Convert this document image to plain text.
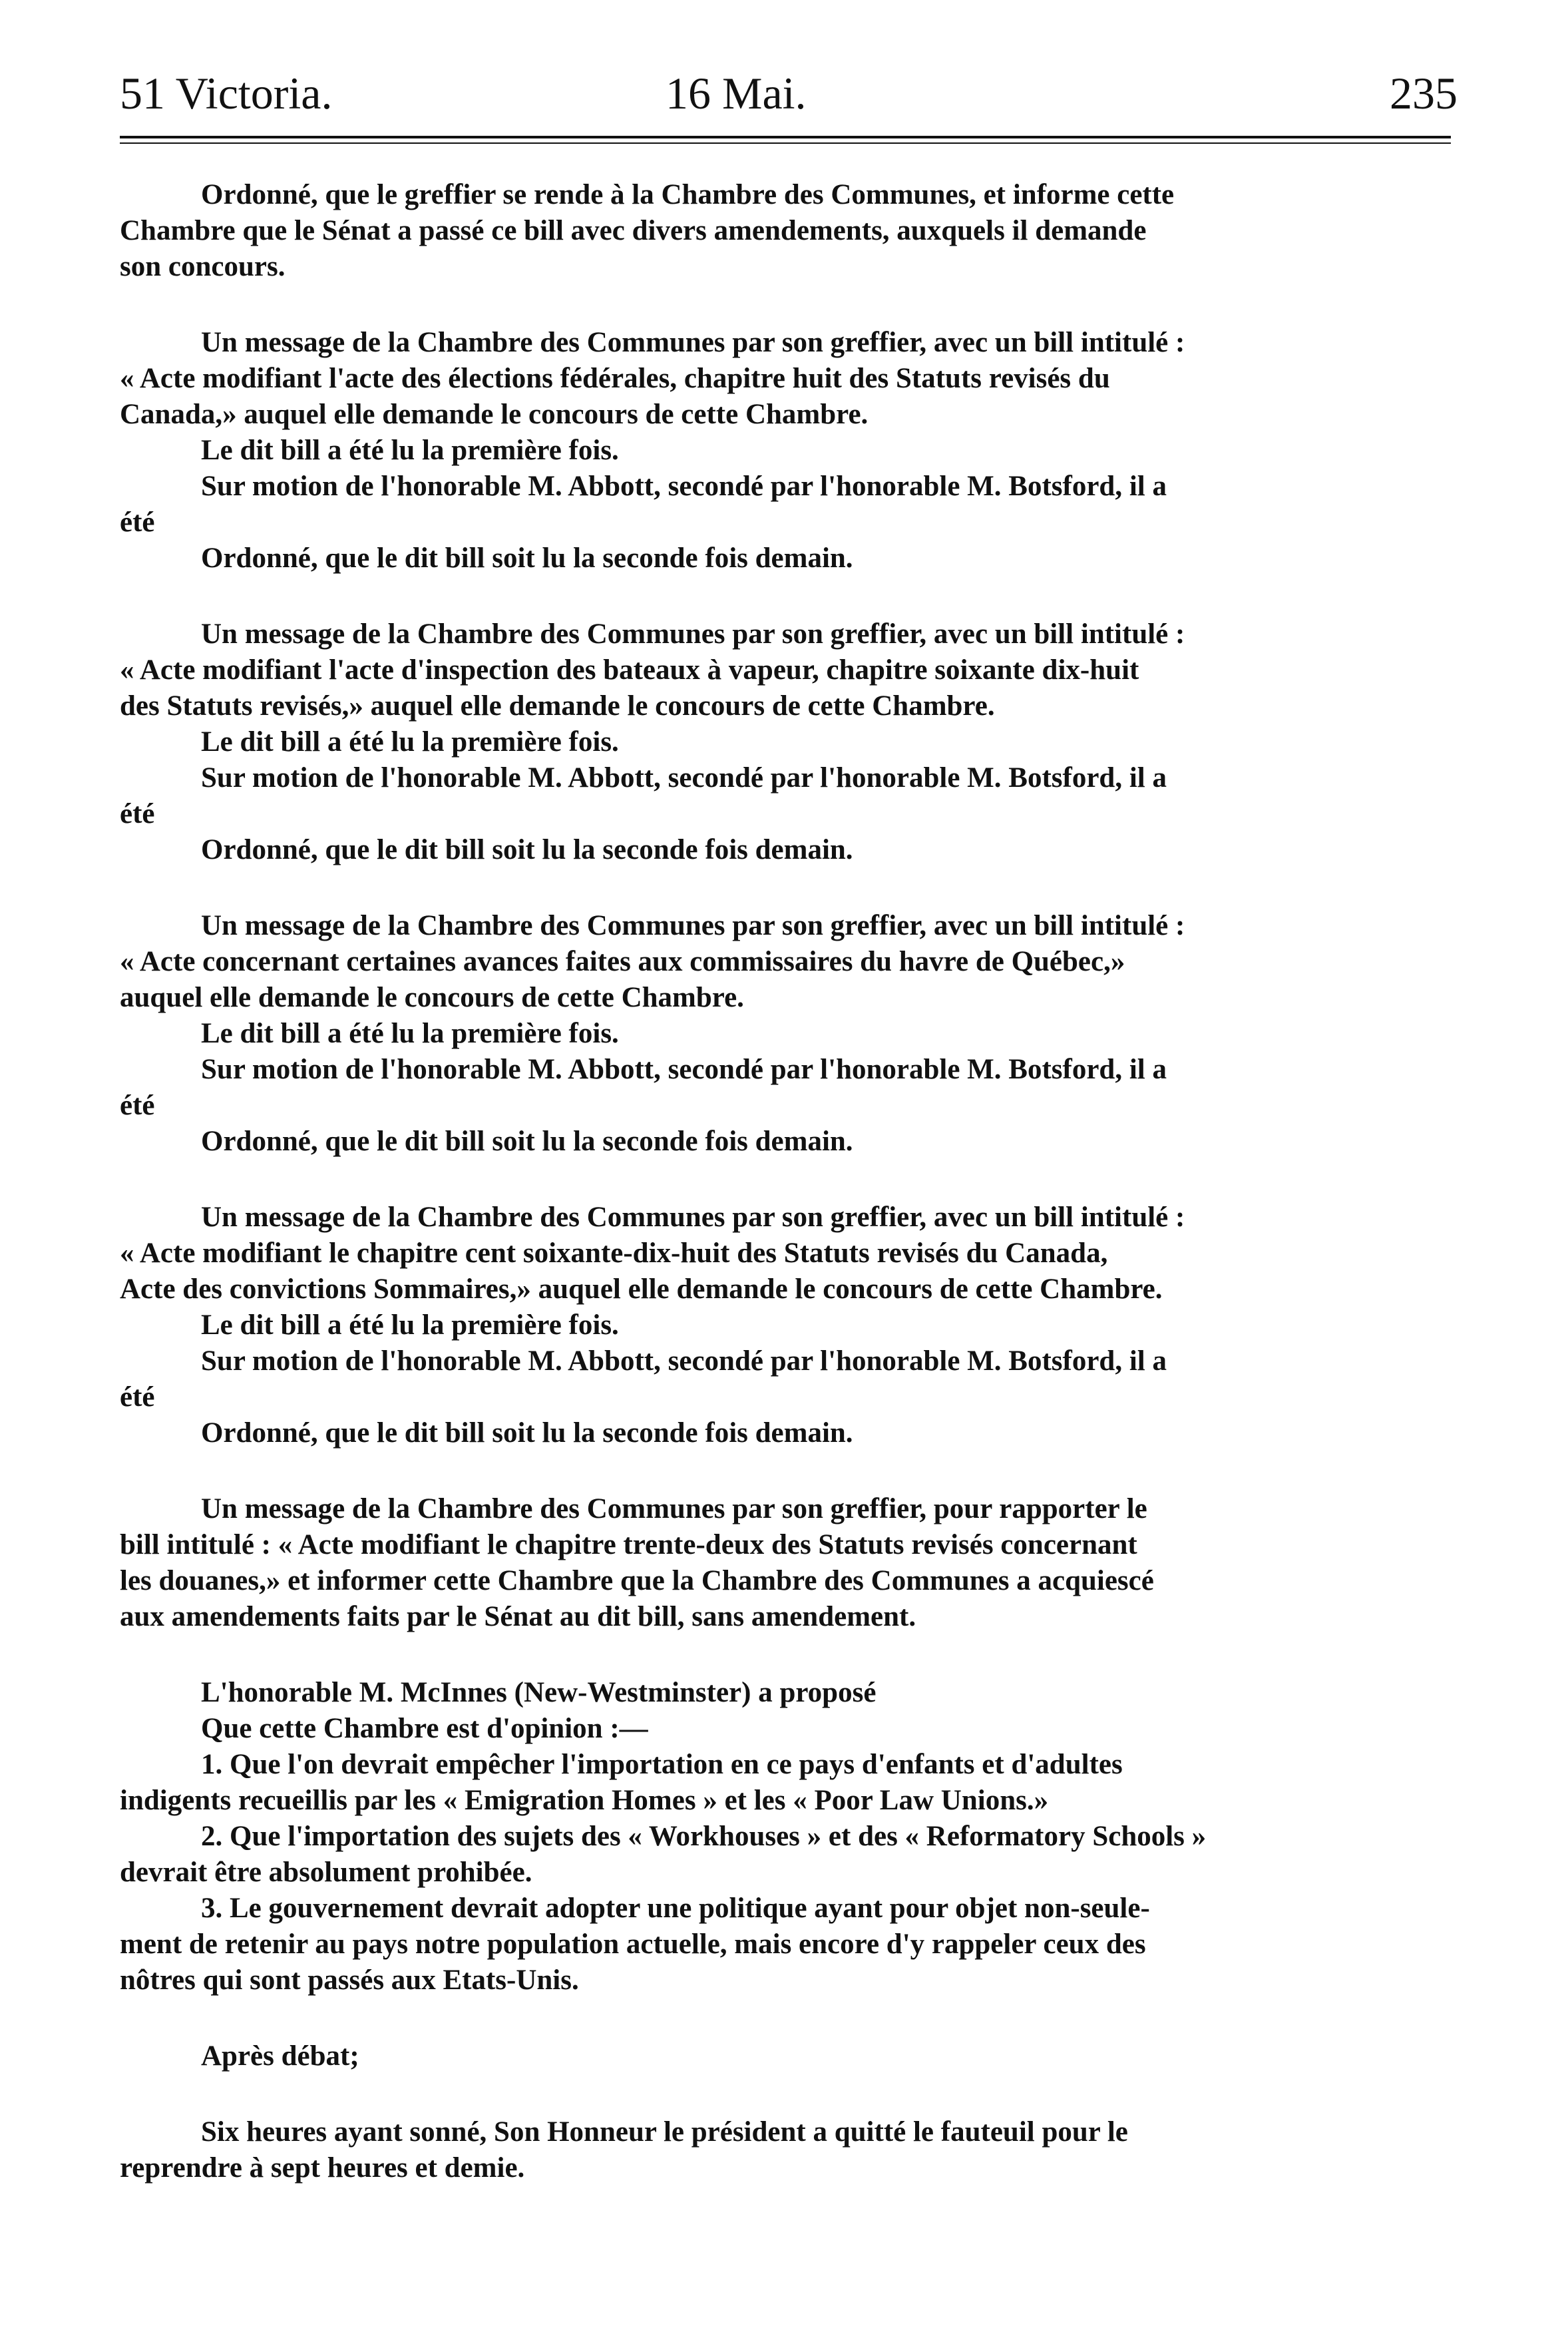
51 Victoria.	16 Mai.	235
Ordonné, que le greffier se rende à la Chambre des Communes, et informe cette
Chambre que le Sénat a passé ce bill avec divers amendements, auxquels il demande
son concours.
Un message de la Chambre des Communes par son greffier, avec un bill intitulé :
« Acte modifiant l'acte des élections fédérales, chapitre huit des Statuts revisés du
Canada,» auquel elle demande le concours de cette Chambre.
Le dit bill a été lu la première fois.
Sur motion de l'honorable M. Abbott, secondé par l'honorable M. Botsford, il a
été
Ordonné, que le dit bill soit lu la seconde fois demain.
Un message de la Chambre des Communes par son greffier, avec un bill intitulé :
« Acte modifiant l'acte d'inspection des bateaux à vapeur, chapitre soixante dix-huit
des Statuts revisés,» auquel elle demande le concours de cette Chambre.
Le dit bill a été lu la première fois.
Sur motion de l'honorable M. Abbott, secondé par l'honorable M. Botsford, il a
été
Ordonné, que le dit bill soit lu la seconde fois demain.
Un message de la Chambre des Communes par son greffier, avec un bill intitulé :
« Acte concernant certaines avances faites aux commissaires du havre de Québec,»
auquel elle demande le concours de cette Chambre.
Le dit bill a été lu la première fois.
Sur motion de l'honorable M. Abbott, secondé par l'honorable M. Botsford, il a
été
Ordonné, que le dit bill soit lu la seconde fois demain.
Un message de la Chambre des Communes par son greffier, avec un bill intitulé :
« Acte modifiant le chapitre cent soixante-dix-huit des Statuts revisés du Canada,
Acte des convictions Sommaires,» auquel elle demande le concours de cette Chambre.
Le dit bill a été lu la première fois.
Sur motion de l'honorable M. Abbott, secondé par l'honorable M. Botsford, il a
été
Ordonné, que le dit bill soit lu la seconde fois demain.
Un message de la Chambre des Communes par son greffier, pour rapporter le
bill intitulé : « Acte modifiant le chapitre trente-deux des Statuts revisés concernant
les douanes,» et informer cette Chambre que la Chambre des Communes a acquiescé
aux amendements faits par le Sénat au dit bill, sans amendement.
L'honorable M. McInnes (New-Westminster) a proposé
Que cette Chambre est d'opinion :—
1. Que l'on devrait empêcher l'importation en ce pays d'enfants et d'adultes
indigents recueillis par les « Emigration Homes » et les « Poor Law Unions.»
2. Que l'importation des sujets des « Workhouses » et des « Reformatory Schools »
devrait être absolument prohibée.
3. Le gouvernement devrait adopter une politique ayant pour objet non-seule-
ment de retenir au pays notre population actuelle, mais encore d'y rappeler ceux des
nôtres qui sont passés aux Etats-Unis.
Après débat;
Six heures ayant sonné, Son Honneur le président a quitté le fauteuil pour le
reprendre à sept heures et demie.
